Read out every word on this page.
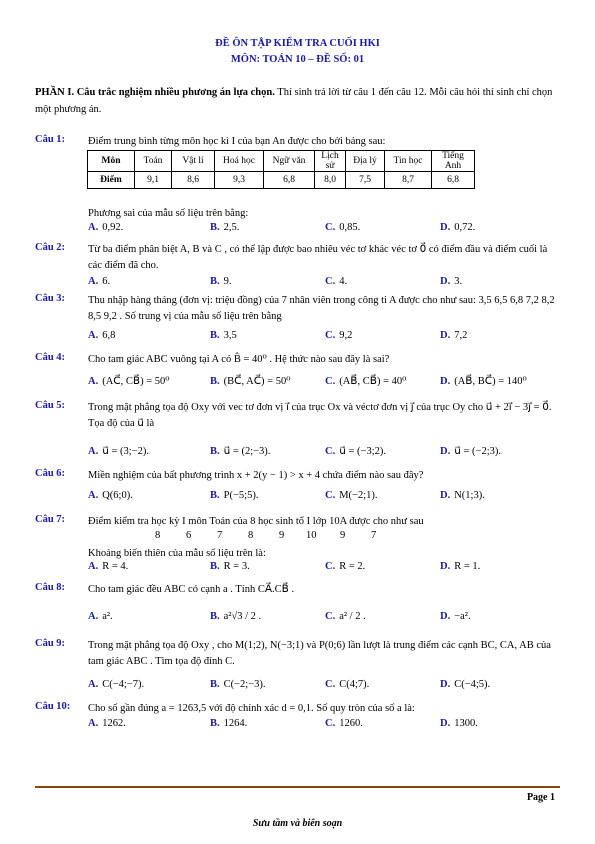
ĐỀ ÔN TẬP KIỂM TRA CUỐI HKI
MÔN: TOÁN 10 – ĐỀ SỐ: 01
PHẦN I. Câu trắc nghiệm nhiều phương án lựa chọn. Thí sinh trả lời từ câu 1 đến câu 12. Mỗi câu hỏi thí sinh chỉ chọn một phương án.
Câu 1: Điểm trung bình từng môn học kì I của bạn An được cho bởi bảng sau:
Môn	Toán	Vật lí	Hoá học	Ngữ văn	Lịch sử	Địa lý	Tin học	Tiếng Anh
Điểm	9,1	8,6	9,3	6,8	8,0	7,5	8,7	6,8
Phương sai của mẫu số liệu trên bằng:
A. 0,92.	B. 2,5.	C. 0,85.	D. 0,72.
Câu 2: Từ ba điểm phân biệt A, B và C , có thể lập được bao nhiêu véc tơ khác véc tơ 0⃗ có điểm đầu và điểm cuối là các điểm đã cho.
A. 6.	B. 9.	C. 4.	D. 3.
Câu 3: Thu nhập hàng tháng (đơn vị: triệu đồng) của 7 nhân viên trong công ti A được cho như sau: 3,5 6,5 6,8 7,2 8,2 8,5 9,2 . Số trung vị của mẫu số liệu trên bằng
A. 6,8	B. 3,5	C. 9,2	D. 7,2
Câu 4: Cho tam giác ABC vuông tại A có B̂ = 40⁰ . Hệ thức nào sau đây là sai?
A. (AC⃗, CB⃗) = 50⁰	B. (BC⃗, AC⃗) = 50⁰	C. (AB⃗, CB⃗) = 40⁰	D. (AB⃗, BC⃗) = 140⁰
Câu 5: Trong mặt phẳng tọa độ Oxy với vec tơ đơn vị i⃗ của trục Ox và véctơ đơn vị j⃗ của trục Oy cho u⃗ + 2i⃗ − 3j⃗ = 0⃗. Tọa độ của u⃗ là
A. u⃗ = (3;−2).	B. u⃗ = (2;−3).	C. u⃗ = (−3;2).	D. u⃗ = (−2;3).
Câu 6: Miền nghiệm của bất phương trình x + 2(y − 1) > x + 4 chứa điểm nào sau đây?
A. Q(6;0).	B. P(−5;5).	C. M(−2;1).	D. N(1;3).
Câu 7: Điểm kiểm tra học kỳ I môn Toán của 8 học sinh tổ I lớp 10A được cho như sau
8 6 7 8 9 10 9 7
Khoảng biến thiên của mẫu số liệu trên là:
A. R = 4.	B. R = 3.	C. R = 2.	D. R = 1.
Câu 8: Cho tam giác đều ABC có cạnh a . Tính CA⃗.CB⃗ .
A. a².	B. a²√3 / 2 .	C. a² / 2 .	D. −a².
Câu 9: Trong mặt phẳng tọa độ Oxy , cho M(1;2), N(−3;1) và P(0;6) lần lượt là trung điểm các cạnh BC, CA, AB của tam giác ABC . Tìm tọa độ đỉnh C.
A. C(−4;−7).	B. C(−2;−3).	C. C(4;7).	D. C(−4;5).
Câu 10: Cho số gần đúng a = 1263,5 với độ chính xác d = 0,1. Số quy tròn của số a là:
A. 1262.	B. 1264.	C. 1260.	D. 1300.
Page 1
Sưu tầm và biên soạn
